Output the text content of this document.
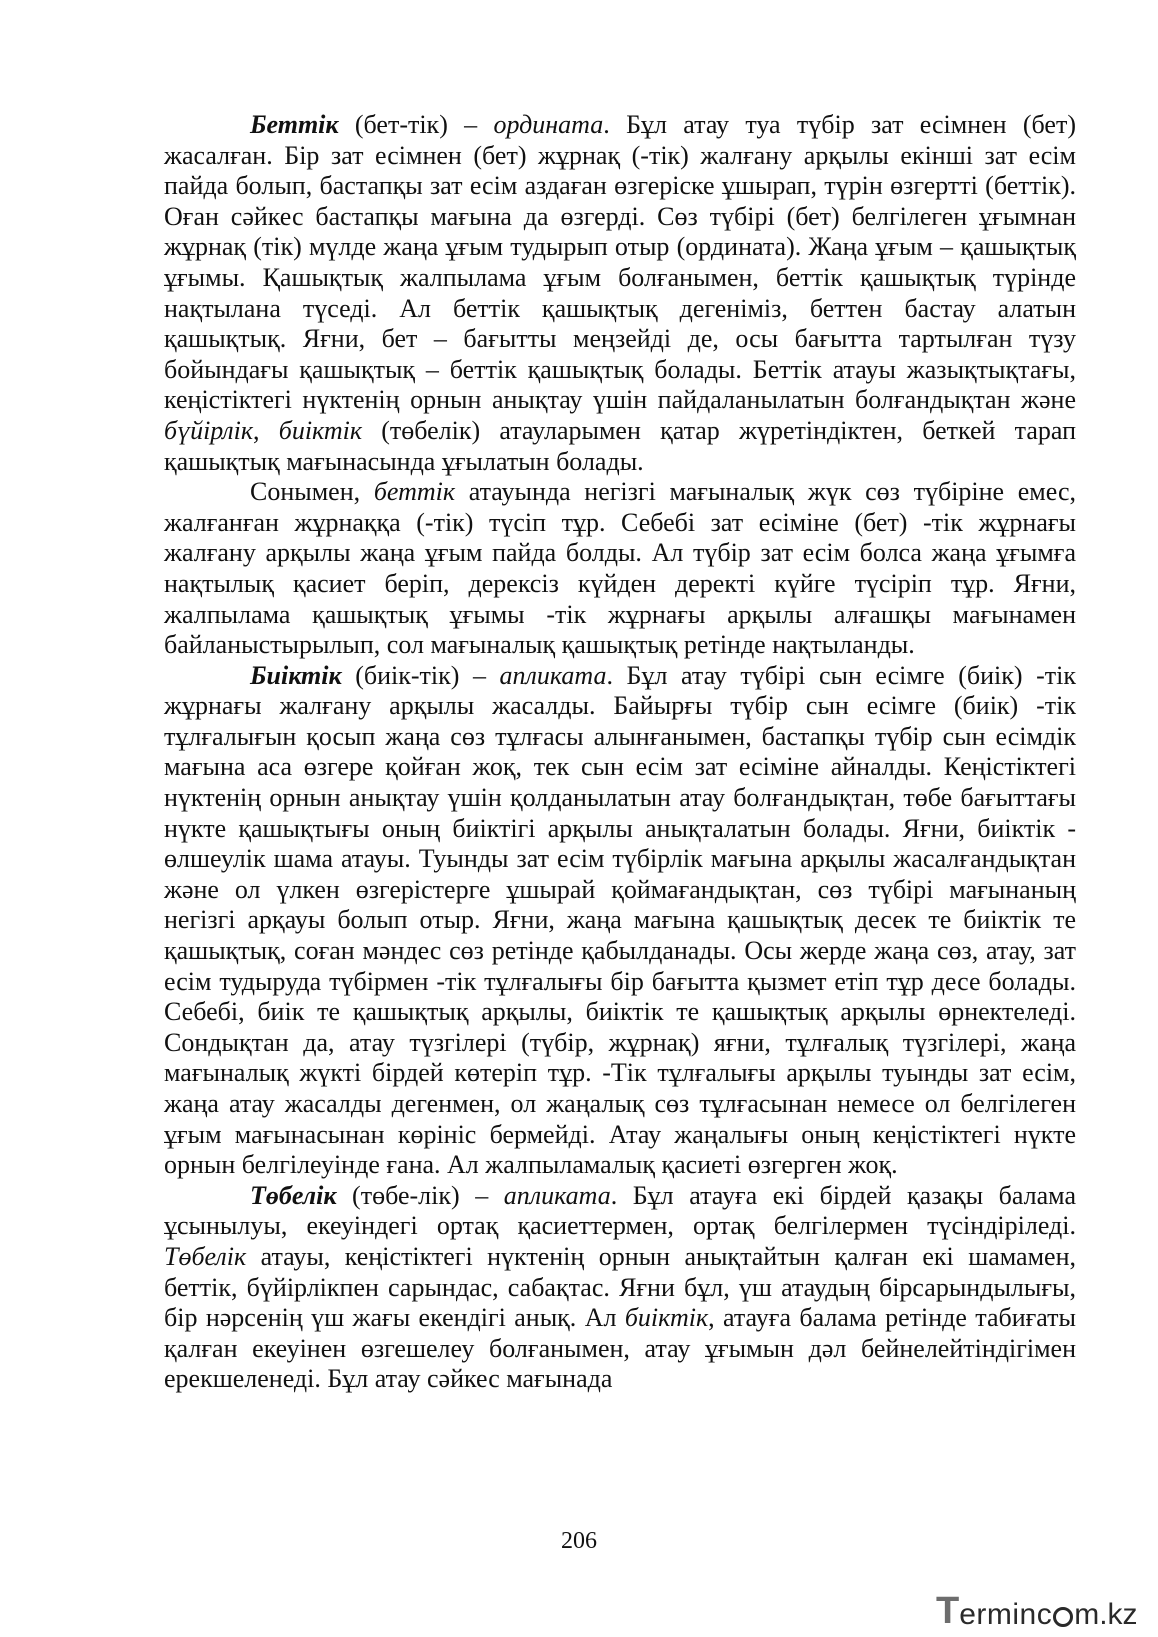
Беттік (бет-тік) – ордината. Бұл атау туа түбір зат есімнен (бет) жасалған. Бір зат есімнен (бет) жұрнақ (-тік) жалғану арқылы екінші зат есім пайда болып, бастапқы зат есім аздаған өзгеріске ұшырап, түрін өзгертті (беттік). Оған сәйкес бастапқы мағына да өзгерді. Сөз түбірі (бет) белгілеген ұғымнан жұрнақ (тік) мүлде жаңа ұғым тудырып отыр (ордината). Жаңа ұғым – қашықтық ұғымы. Қашықтық жалпылама ұғым болғанымен, беттік қашықтық түрінде нақтылана түседі. Ал беттік қашықтық дегеніміз, беттен бастау алатын қашықтық. Яғни, бет – бағытты меңзейді де, осы бағытта тартылған түзу бойындағы қашықтық – беттік қашықтық болады. Беттік атауы жазықтықтағы, кеңістіктегі нүктенің орнын анықтау үшін пайдаланылатын болғандықтан және бүйірлік, биіктік (төбелік) атауларымен қатар жүретіндіктен, беткей тарап қашықтық мағынасында ұғылатын болады.

Сонымен, беттік атауында негізгі мағыналық жүк сөз түбіріне емес, жалғанған жұрнаққа (-тік) түсіп тұр. Себебі зат есіміне (бет) -тік жұрнағы жалғану арқылы жаңа ұғым пайда болды. Ал түбір зат есім болса жаңа ұғымға нақтылық қасиет беріп, дерексіз күйден деректі күйге түсіріп тұр. Яғни, жалпылама қашықтық ұғымы -тік жұрнағы арқылы алғашқы мағынамен байланыстырылып, сол мағыналық қашықтық ретінде нақтыланды.

Биіктік (биік-тік) – апликата. Бұл атау түбірі сын есімге (биік) -тік жұрнағы жалғану арқылы жасалды. Байырғы түбір сын есімге (биік) -тік тұлғалығын қосып жаңа сөз тұлғасы алынғанымен, бастапқы түбір сын есімдік мағына аса өзгере қойған жоқ, тек сын есім зат есіміне айналды. Кеңістіктегі нүктенің орнын анықтау үшін қолданылатын атау болғандықтан, төбе бағыттағы нүкте қашықтығы оның биіктігі арқылы анықталатын болады. Яғни, биіктік - өлшеулік шама атауы. Туынды зат есім түбірлік мағына арқылы жасалғандықтан және ол үлкен өзгерістерге ұшырай қоймағандықтан, сөз түбірі мағынаның негізгі арқауы болып отыр. Яғни, жаңа мағына қашықтық десек те биіктік те қашықтық, соған мәндес сөз ретінде қабылданады. Осы жерде жаңа сөз, атау, зат есім тудыруда түбірмен -тік тұлғалығы бір бағытта қызмет етіп тұр десе болады. Себебі, биік те қашықтық арқылы, биіктік те қашықтық арқылы өрнектеледі. Сондықтан да, атау түзгілері (түбір, жұрнақ) яғни, тұлғалық түзгілері, жаңа мағыналық жүкті бірдей көтеріп тұр. -Тік тұлғалығы арқылы туынды зат есім, жаңа атау жасалды дегенмен, ол жаңалық сөз тұлғасынан немесе ол белгілеген ұғым мағынасынан көрініс бермейді. Атау жаңалығы оның кеңістіктегі нүкте орнын белгілеуінде ғана. Ал жалпыламалық қасиеті өзгерген жоқ.

Төбелік (төбе-лік) – апликата. Бұл атауға екі бірдей қазақы балама ұсынылуы, екеуіндегі ортақ қасиеттермен, ортақ белгілермен түсіндіріледі. Төбелік атауы, кеңістіктегі нүктенің орнын анықтайтын қалған екі шамамен, беттік, бүйірлікпен сарындас, сабақтас. Яғни бұл, үш атаудың бірсарындылығы, бір нәрсенің үш жағы екендігі анық. Ал биіктік, атауға балама ретінде табиғаты қалған екеуінен өзгешелеу болғанымен, атау ұғымын дәл бейнелейтіндігімен ерекшеленеді. Бұл атау сәйкес мағынада

206
T erminc m.kz
